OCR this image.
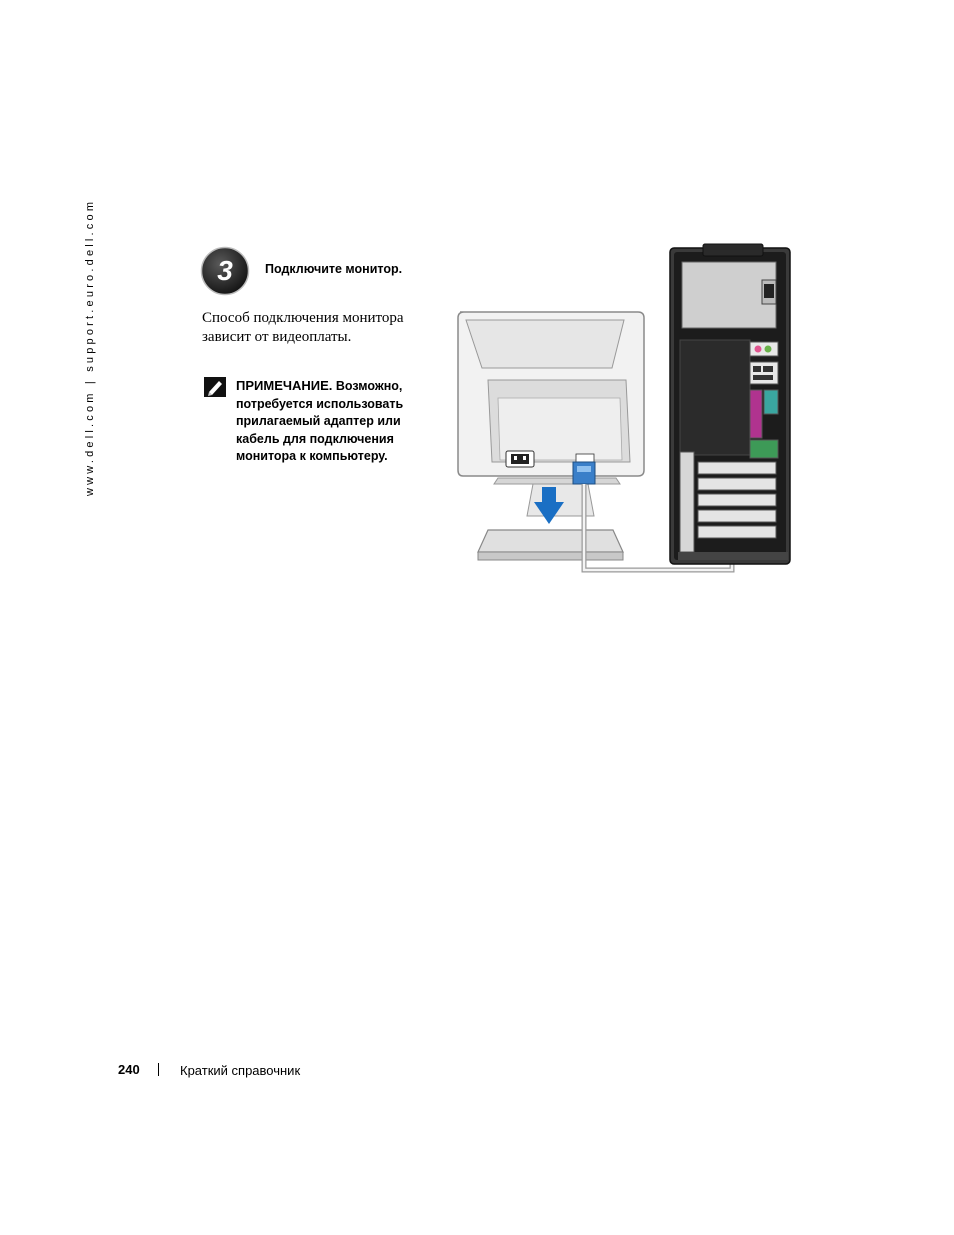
www.dell.com | support.euro.dell.com	3	Подключите монитор.
Способ подключения монитора зависит от видеоплаты.
ПРИМЕЧАНИЕ. Возможно, потребуется использовать прилагаемый адаптер или кабель для подключения монитора к компьютеру.
240	Краткий справочник
